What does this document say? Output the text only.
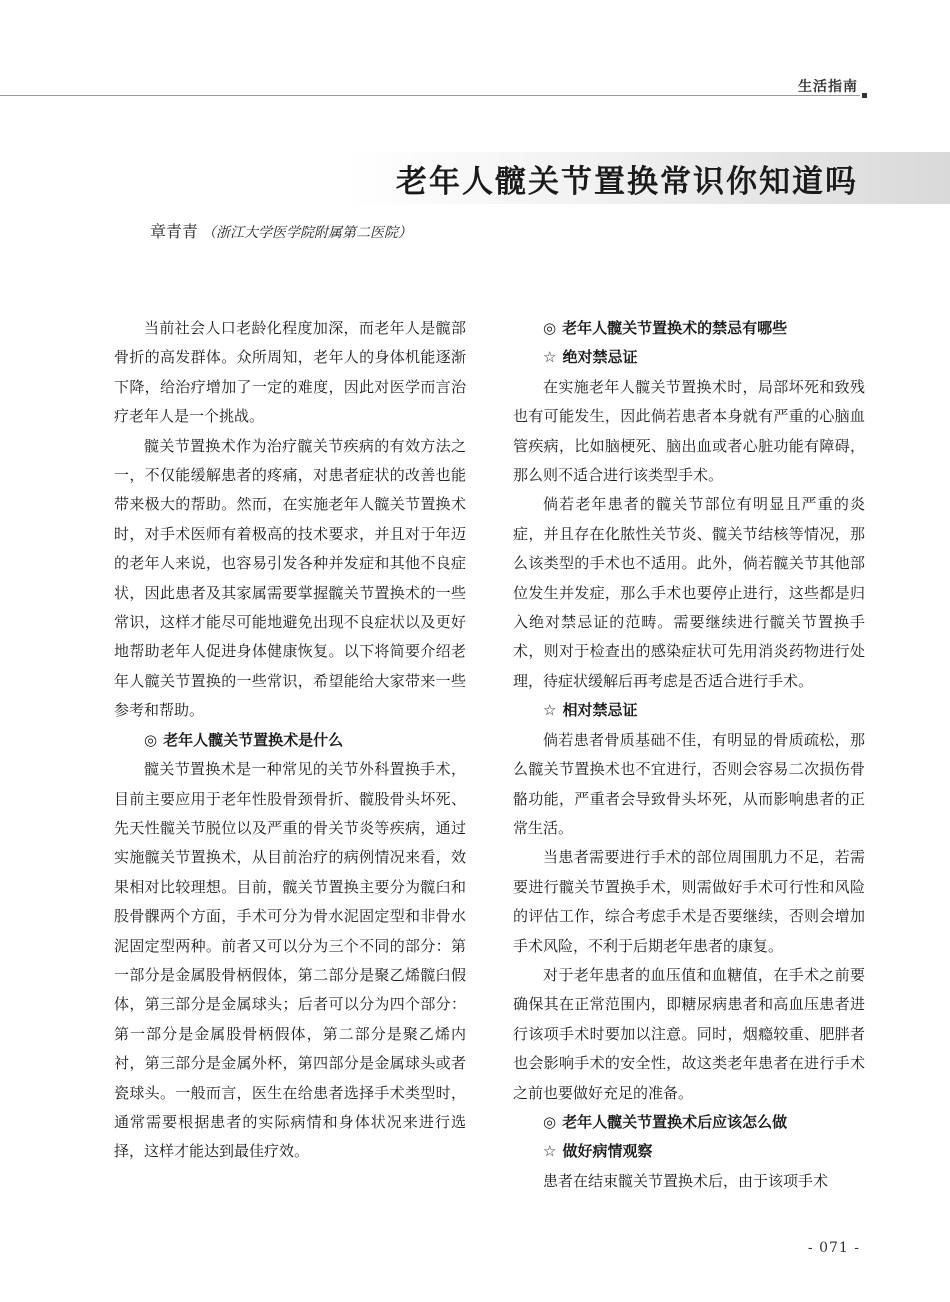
生活指南
老年人髋关节置换常识你知道吗
章青青 （浙江大学医学院附属第二医院）

当前社会人口老龄化程度加深，而老年人是髋部骨折的高发群体。众所周知，老年人的身体机能逐渐下降，给治疗增加了一定的难度，因此对医学而言治疗老年人是一个挑战。

髋关节置换术作为治疗髋关节疾病的有效方法之一，不仅能缓解患者的疼痛，对患者症状的改善也能带来极大的帮助。然而，在实施老年人髋关节置换术时，对手术医师有着极高的技术要求，并且对于年迈的老年人来说，也容易引发各种并发症和其他不良症状，因此患者及其家属需要掌握髋关节置换术的一些常识，这样才能尽可能地避免出现不良症状以及更好地帮助老年人促进身体健康恢复。以下将简要介绍老年人髋关节置换的一些常识，希望能给大家带来一些参考和帮助。

◎ 老年人髋关节置换术是什么

髋关节置换术是一种常见的关节外科置换手术，目前主要应用于老年性股骨颈骨折、髋股骨头坏死、先天性髋关节脱位以及严重的骨关节炎等疾病，通过实施髋关节置换术，从目前治疗的病例情况来看，效果相对比较理想。目前，髋关节置换主要分为髋臼和股骨髁两个方面，手术可分为骨水泥固定型和非骨水泥固定型两种。前者又可以分为三个不同的部分：第一部分是金属股骨柄假体，第二部分是聚乙烯髋臼假体，第三部分是金属球头；后者可以分为四个部分：第一部分是金属股骨柄假体，第二部分是聚乙烯内衬，第三部分是金属外杯，第四部分是金属球头或者瓷球头。一般而言，医生在给患者选择手术类型时，通常需要根据患者的实际病情和身体状况来进行选择，这样才能达到最佳疗效。

◎ 老年人髋关节置换术的禁忌有哪些
☆ 绝对禁忌证

在实施老年人髋关节置换术时，局部坏死和致残也有可能发生，因此倘若患者本身就有严重的心脑血管疾病，比如脑梗死、脑出血或者心脏功能有障碍，那么则不适合进行该类型手术。

倘若老年患者的髋关节部位有明显且严重的炎症，并且存在化脓性关节炎、髋关节结核等情况，那么该类型的手术也不适用。此外，倘若髋关节其他部位发生并发症，那么手术也要停止进行，这些都是归入绝对禁忌证的范畴。需要继续进行髋关节置换手术，则对于检查出的感染症状可先用消炎药物进行处理，待症状缓解后再考虑是否适合进行手术。

☆ 相对禁忌证

倘若患者骨质基础不佳，有明显的骨质疏松，那么髋关节置换术也不宜进行，否则会容易二次损伤骨骼功能，严重者会导致骨头坏死，从而影响患者的正常生活。

当患者需要进行手术的部位周围肌力不足，若需要进行髋关节置换手术，则需做好手术可行性和风险的评估工作，综合考虑手术是否要继续，否则会增加手术风险，不利于后期老年患者的康复。

对于老年患者的血压值和血糖值，在手术之前要确保其在正常范围内，即糖尿病患者和高血压患者进行该项手术时要加以注意。同时，烟瘾较重、肥胖者也会影响手术的安全性，故这类老年患者在进行手术之前也要做好充足的准备。

◎ 老年人髋关节置换术后应该怎么做
☆ 做好病情观察

患者在结束髋关节置换术后，由于该项手术

- 071 -
